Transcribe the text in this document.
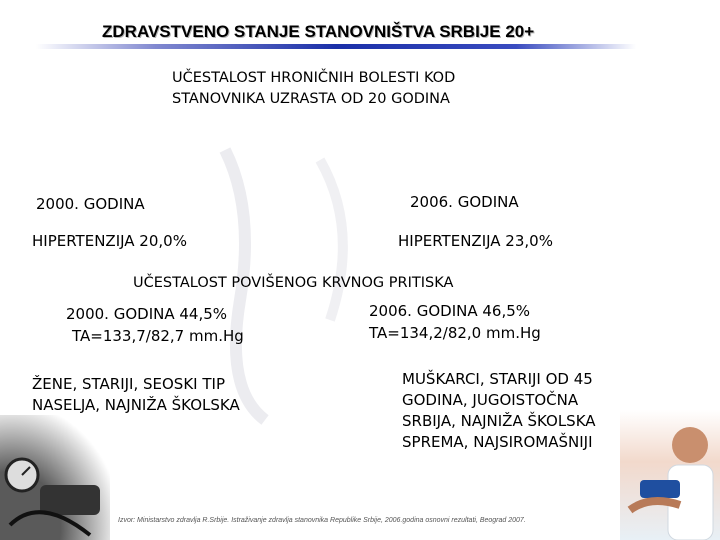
ZDRAVSTVENO STANJE STANOVNIŠTVA SRBIJE 20+
UČESTALOST HRONIČNIH BOLESTI KOD
STANOVNIKA UZRASTA OD 20 GODINA
2000. GODINA	2006. GODINA
HIPERTENZIJA 20,0%	HIPERTENZIJA 23,0%
UČESTALOST POVIŠENOG KRVNOG PRITISKA
2000. GODINA 44,5%
TA=133,7/82,7 mm.Hg
2006. GODINA 46,5%
TA=134,2/82,0 mm.Hg
ŽENE, STARIJI, SEOSKI TIP
NASELJA, NAJNIŽA ŠKOLSKA
MUŠKARCI, STARIJI OD 45
GODINA, JUGOISTOČNA
SRBIJA, NAJNIŽA ŠKOLSKA
SPREMA, NAJSIROMAŠNIJI
Izvor: Ministarstvo zdravlja R.Srbije. Istraživanje zdravlja stanovnika Republike Srbije, 2006.godina osnovni rezultati, Beograd 2007.
